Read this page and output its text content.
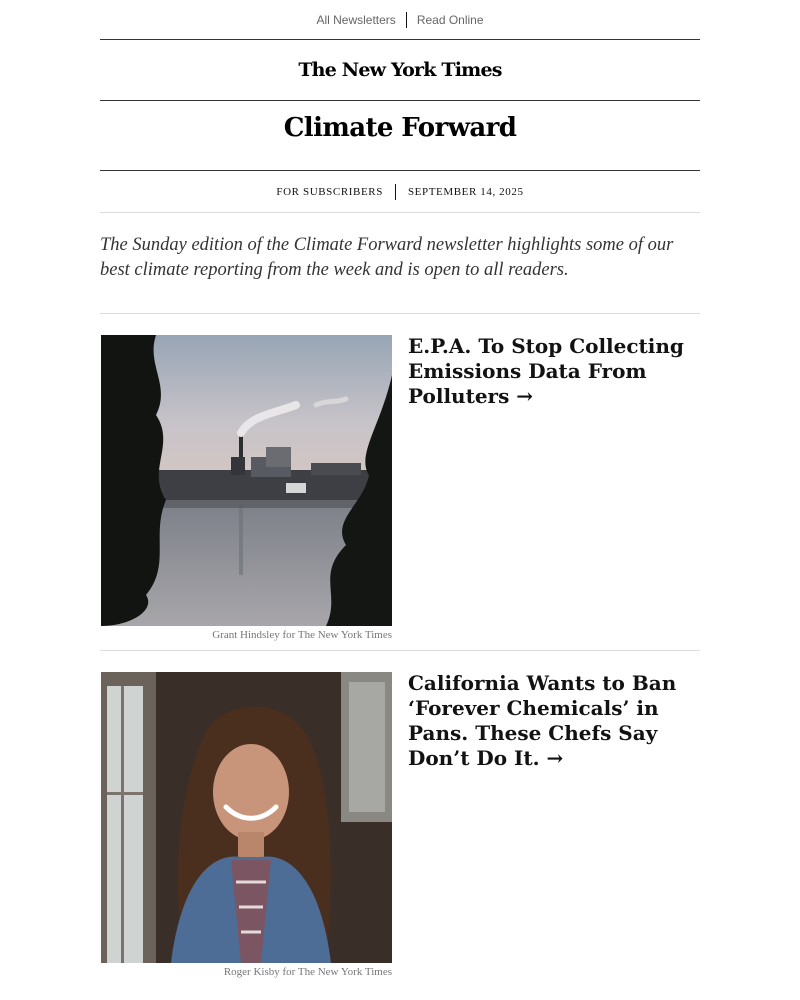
All Newsletters	Read Online
The New York Times
Climate Forward
FOR SUBSCRIBERS	SEPTEMBER 14, 2025

The Sunday edition of the Climate Forward newsletter highlights some of our best climate reporting from the week and is open to all readers.

Grant Hindsley for The New York Times
E.P.A. To Stop Collecting Emissions Data From Polluters →
Roger Kisby for The New York Times
California Wants to Ban ‘Forever Chemicals’ in Pans. These Chefs Say Don’t Do It. →
